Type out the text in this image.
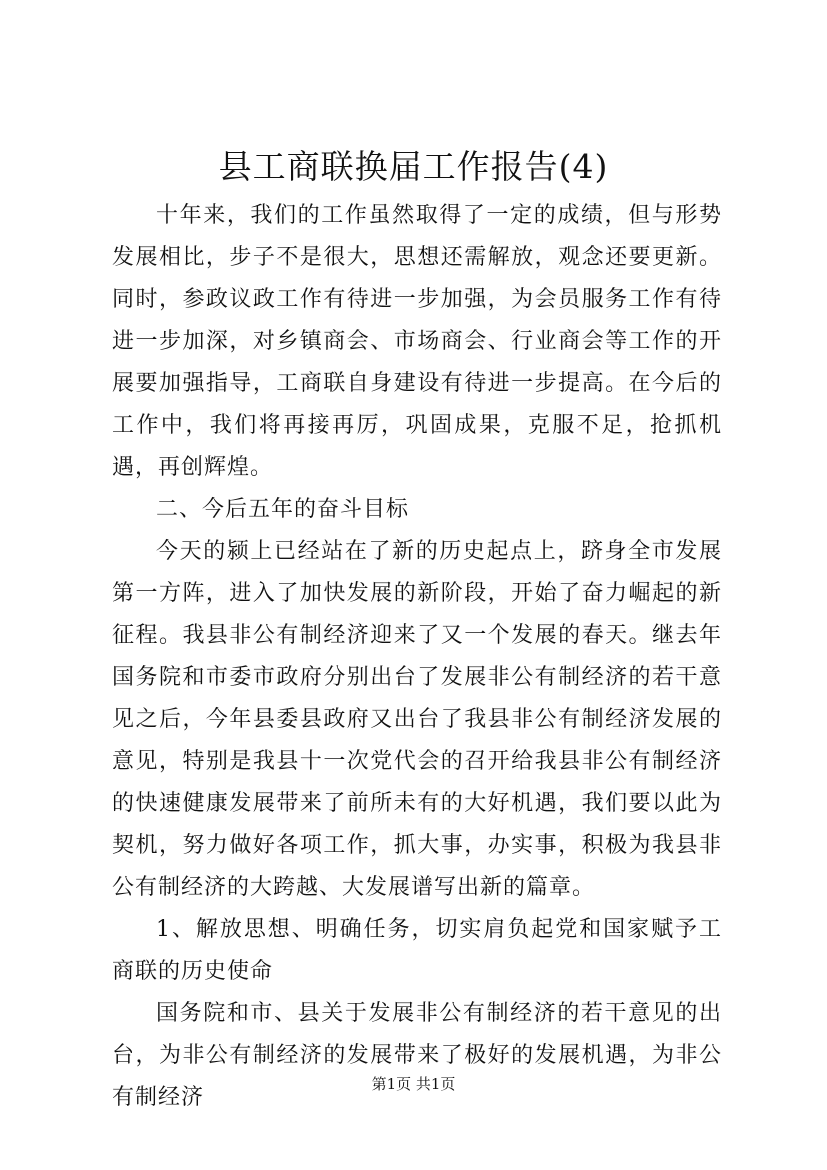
县工商联换届工作报告(4)

十年来，我们的工作虽然取得了一定的成绩，但与形势发展相比，步子不是很大，思想还需解放，观念还要更新。同时，参政议政工作有待进一步加强，为会员服务工作有待进一步加深，对乡镇商会、市场商会、行业商会等工作的开展要加强指导，工商联自身建设有待进一步提高。在今后的工作中，我们将再接再厉，巩固成果，克服不足，抢抓机遇，再创辉煌。

二、今后五年的奋斗目标

今天的颍上已经站在了新的历史起点上，跻身全市发展第一方阵，进入了加快发展的新阶段，开始了奋力崛起的新征程。我县非公有制经济迎来了又一个发展的春天。继去年国务院和市委市政府分别出台了发展非公有制经济的若干意见之后，今年县委县政府又出台了我县非公有制经济发展的意见，特别是我县十一次党代会的召开给我县非公有制经济的快速健康发展带来了前所未有的大好机遇，我们要以此为契机，努力做好各项工作，抓大事，办实事，积极为我县非公有制经济的大跨越、大发展谱写出新的篇章。

1、解放思想、明确任务，切实肩负起党和国家赋予工商联的历史使命

国务院和市、县关于发展非公有制经济的若干意见的出台，为非公有制经济的发展带来了极好的发展机遇，为非公有制经济

第1页 共1页
